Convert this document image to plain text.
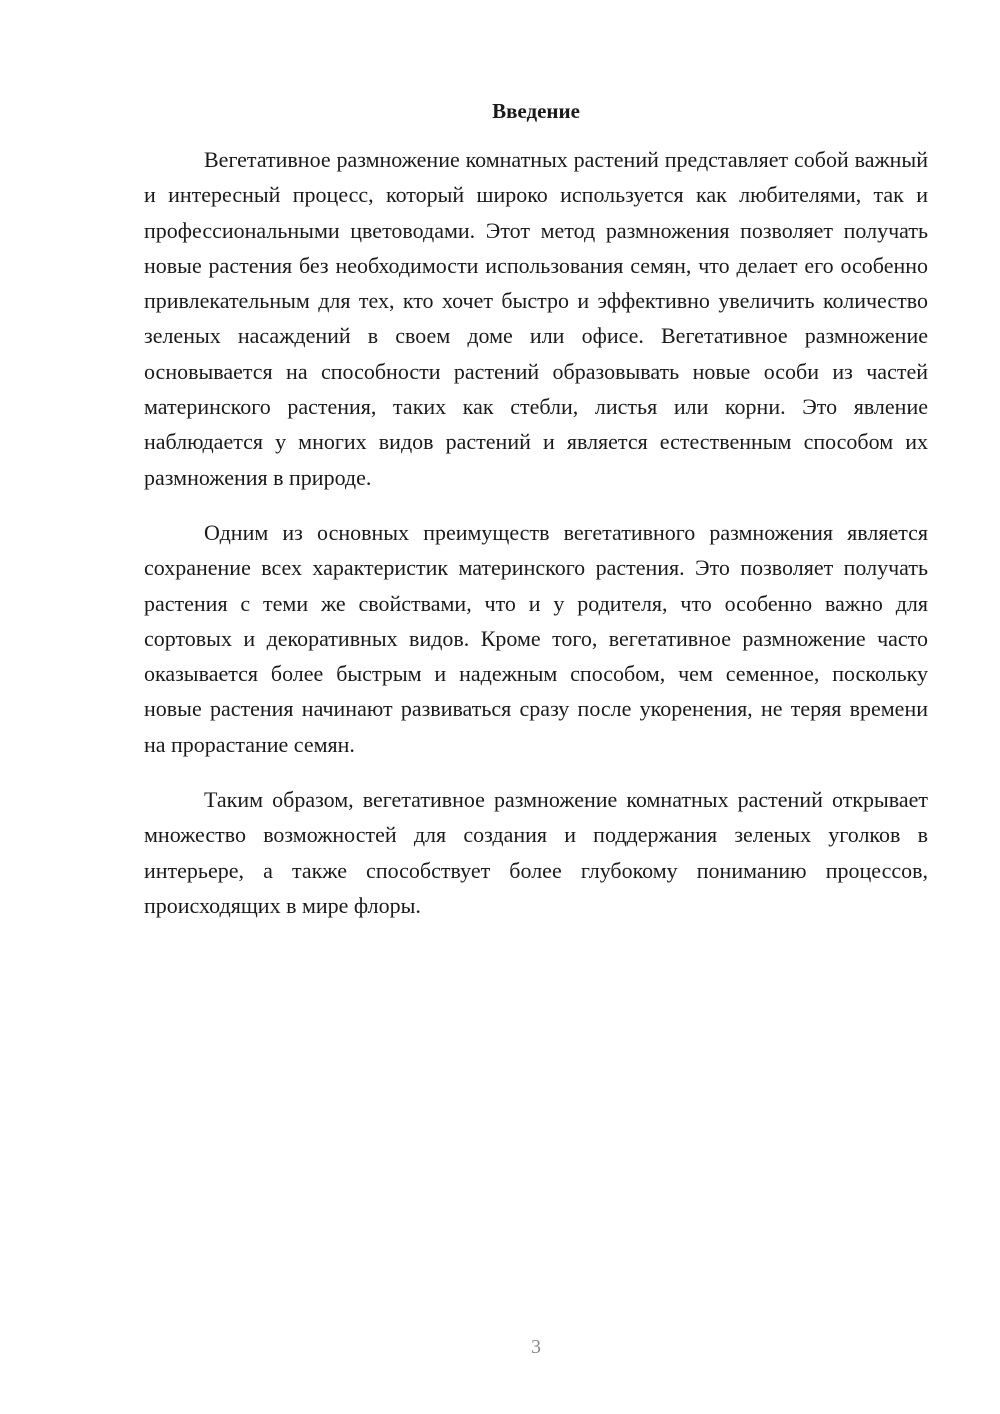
Введение

Вегетативное размножение комнатных растений представляет собой важный и интересный процесс, который широко используется как любителями, так и профессиональными цветоводами. Этот метод размножения позволяет получать новые растения без необходимости использования семян, что делает его особенно привлекательным для тех, кто хочет быстро и эффективно увеличить количество зеленых насаждений в своем доме или офисе. Вегетативное размножение основывается на способности растений образовывать новые особи из частей материнского растения, таких как стебли, листья или корни. Это явление наблюдается у многих видов растений и является естественным способом их размножения в природе.

Одним из основных преимуществ вегетативного размножения является сохранение всех характеристик материнского растения. Это позволяет получать растения с теми же свойствами, что и у родителя, что особенно важно для сортовых и декоративных видов. Кроме того, вегетативное размножение часто оказывается более быстрым и надежным способом, чем семенное, поскольку новые растения начинают развиваться сразу после укоренения, не теряя времени на прорастание семян.

Таким образом, вегетативное размножение комнатных растений открывает множество возможностей для создания и поддержания зеленых уголков в интерьере, а также способствует более глубокому пониманию процессов, происходящих в мире флоры.

3
